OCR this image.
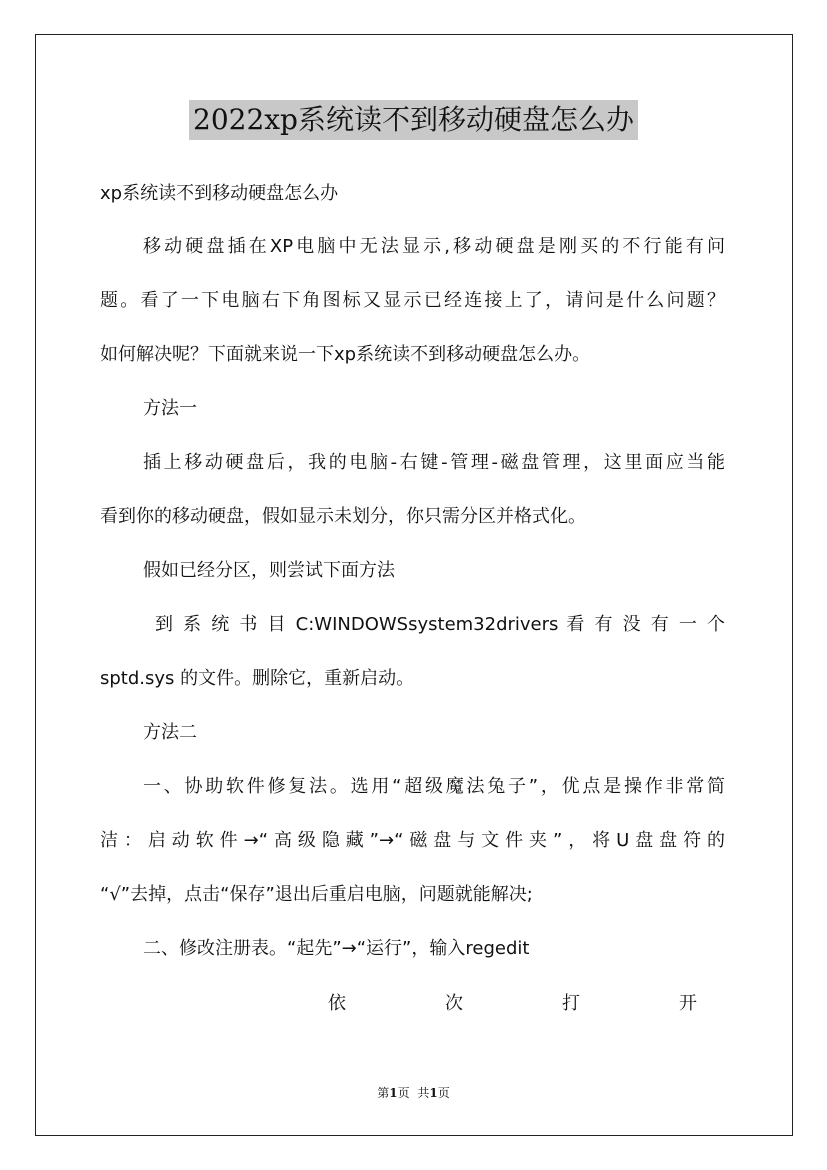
2022xp系统读不到移动硬盘怎么办
xp系统读不到移动硬盘怎么办
移动硬盘插在XP电脑中无法显示,移动硬盘是刚买的不行能有问
题。看了一下电脑右下角图标又显示已经连接上了，请问是什么问题？
如何解决呢？下面就来说一下xp系统读不到移动硬盘怎么办。
方法一
插上移动硬盘后，我的电脑-右键-管理-磁盘管理，这里面应当能
看到你的移动硬盘，假如显示未划分，你只需分区并格式化。
假如已经分区，则尝试下面方法
到 系 统 书 目 C:WINDOWSsystem32drivers 看 有 没 有 一 个
sptd.sys 的文件。删除它，重新启动。
方法二
一、协助软件修复法。选用“超级魔法兔子”，优点是操作非常简
洁：启动软件→“高级隐藏”→“磁盘与文件夹”，将U盘盘符的
“√”去掉，点击“保存”退出后重启电脑，问题就能解决;
二、修改注册表。“起先”→“运行”，输入regedit
依	次	打	开
第1页 共1页
